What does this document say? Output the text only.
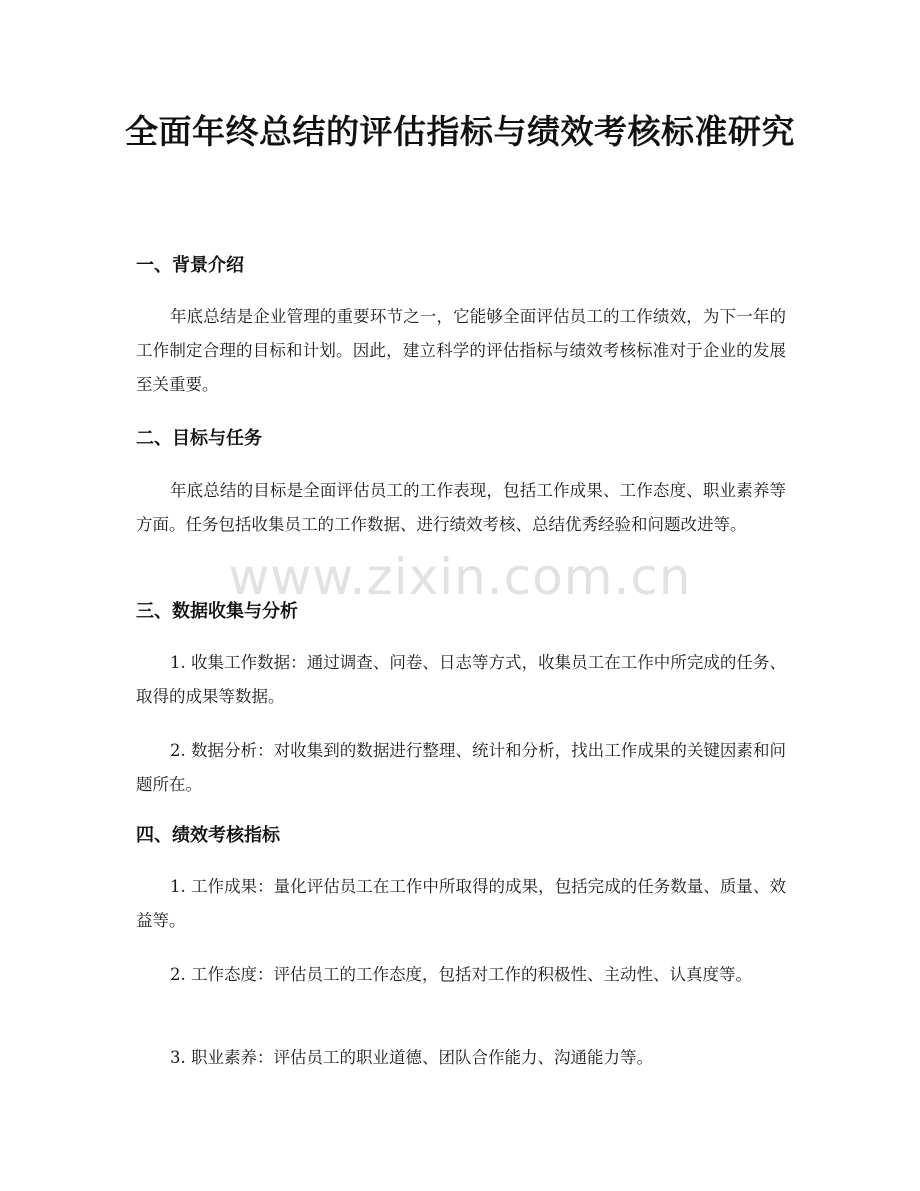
全面年终总结的评估指标与绩效考核标准研究
www.zixin.com.cn
一、背景介绍

年底总结是企业管理的重要环节之一，它能够全面评估员工的工作绩效，为下一年的工作制定合理的目标和计划。因此，建立科学的评估指标与绩效考核标准对于企业的发展至关重要。

二、目标与任务

年底总结的目标是全面评估员工的工作表现，包括工作成果、工作态度、职业素养等方面。任务包括收集员工的工作数据、进行绩效考核、总结优秀经验和问题改进等。

三、数据收集与分析

1. 收集工作数据：通过调查、问卷、日志等方式，收集员工在工作中所完成的任务、取得的成果等数据。

2. 数据分析：对收集到的数据进行整理、统计和分析，找出工作成果的关键因素和问题所在。

四、绩效考核指标

1. 工作成果：量化评估员工在工作中所取得的成果，包括完成的任务数量、质量、效益等。

2. 工作态度：评估员工的工作态度，包括对工作的积极性、主动性、认真度等。

3. 职业素养：评估员工的职业道德、团队合作能力、沟通能力等。
